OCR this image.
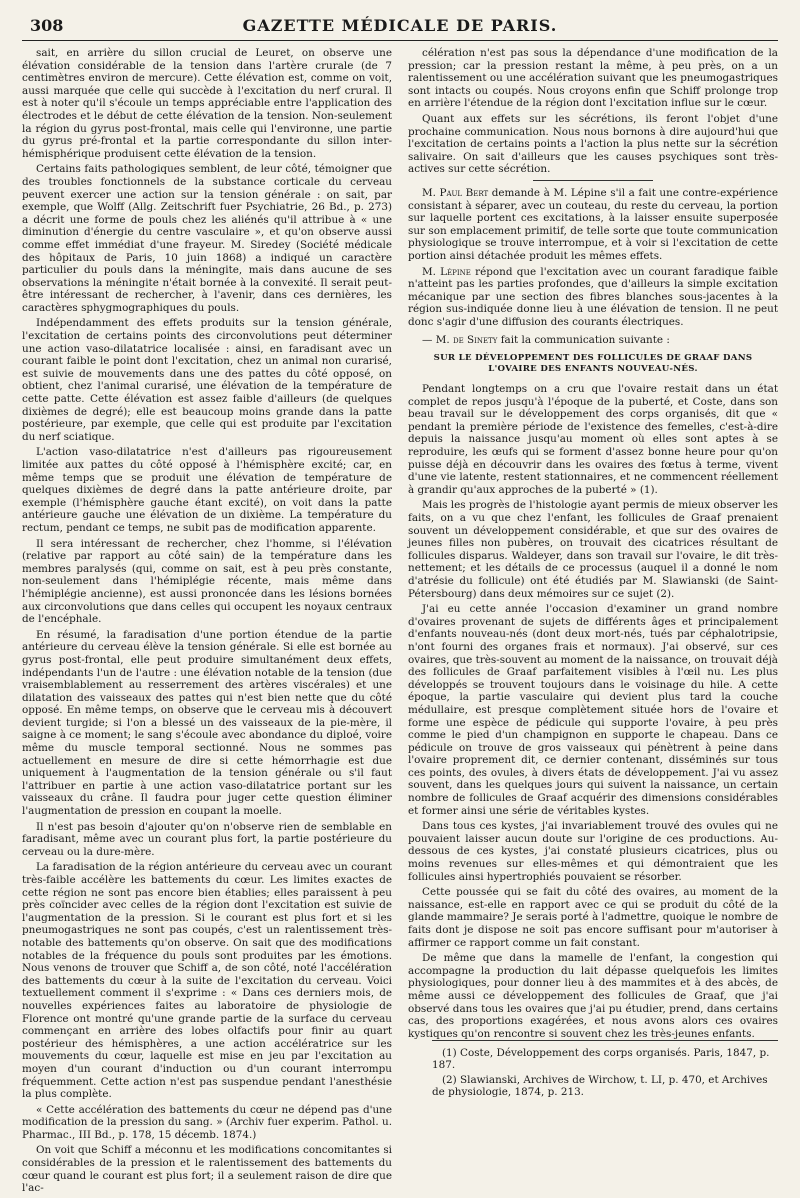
308	GAZETTE MÉDICALE DE PARIS.

sait, en arrière du sillon crucial de Leuret, on observe une élévation considérable de la tension dans l'artère crurale (de 7 centimètres environ de mercure). Cette élévation est, comme on voit, aussi marquée que celle qui succède à l'excitation du nerf crural. Il est à noter qu'il s'écoule un temps appréciable entre l'application des électrodes et le début de cette élévation de la tension. Non-seulement la région du gyrus post-frontal, mais celle qui l'environne, une partie du gyrus pré-frontal et la partie correspondante du sillon inter-hémisphérique produisent cette élévation de la tension.

Certains faits pathologiques semblent, de leur côté, témoigner que des troubles fonctionnels de la substance corticale du cerveau peuvent exercer une action sur la tension générale : on sait, par exemple, que Wolff (Allg. Zeitschrift fuer Psychiatrie, 26 Bd., p. 273) a décrit une forme de pouls chez les aliénés qu'il attribue à « une diminution d'énergie du centre vasculaire », et qu'on observe aussi comme effet immédiat d'une frayeur. M. Siredey (Société médicale des hôpitaux de Paris, 10 juin 1868) a indiqué un caractère particulier du pouls dans la méningite, mais dans aucune de ses observations la méningite n'était bornée à la convexité. Il serait peut-être intéressant de rechercher, à l'avenir, dans ces dernières, les caractères sphygmographiques du pouls.

Indépendamment des effets produits sur la tension générale, l'excitation de certains points des circonvolutions peut déterminer une action vaso-dilatatrice localisée : ainsi, en faradisant avec un courant faible le point dont l'excitation, chez un animal non curarisé, est suivie de mouvements dans une des pattes du côté opposé, on obtient, chez l'animal curarisé, une élévation de la température de cette patte. Cette élévation est assez faible d'ailleurs (de quelques dixièmes de degré); elle est beaucoup moins grande dans la patte postérieure, par exemple, que celle qui est produite par l'excitation du nerf sciatique.

L'action vaso-dilatatrice n'est d'ailleurs pas rigoureusement limitée aux pattes du côté opposé à l'hémisphère excité; car, en même temps que se produit une élévation de température de quelques dixièmes de degré dans la patte antérieure droite, par exemple (l'hémisphère gauche étant excité), on voit dans la patte antérieure gauche une élévation de un dixième. La température du rectum, pendant ce temps, ne subit pas de modification apparente.

Il sera intéressant de rechercher, chez l'homme, si l'élévation (relative par rapport au côté sain) de la température dans les membres paralysés (qui, comme on sait, est à peu près constante, non-seulement dans l'hémiplégie récente, mais même dans l'hémiplégie ancienne), est aussi prononcée dans les lésions bornées aux circonvolutions que dans celles qui occupent les noyaux centraux de l'encéphale.

En résumé, la faradisation d'une portion étendue de la partie antérieure du cerveau élève la tension générale. Si elle est bornée au gyrus post-frontal, elle peut produire simultanément deux effets, indépendants l'un de l'autre : une élévation notable de la tension (due vraisemblablement au resserrement des artères viscérales) et une dilatation des vaisseaux des pattes qui n'est bien nette que du côté opposé. En même temps, on observe que le cerveau mis à découvert devient turgide; si l'on a blessé un des vaisseaux de la pie-mère, il saigne à ce moment; le sang s'écoule avec abondance du diploé, voire même du muscle temporal sectionné. Nous ne sommes pas actuellement en mesure de dire si cette hémorrhagie est due uniquement à l'augmentation de la tension générale ou s'il faut l'attribuer en partie à une action vaso-dilatatrice portant sur les vaisseaux du crâne. Il faudra pour juger cette question éliminer l'augmentation de pression en coupant la moelle.

Il n'est pas besoin d'ajouter qu'on n'observe rien de semblable en faradisant, même avec un courant plus fort, la partie postérieure du cerveau ou la dure-mère.

La faradisation de la région antérieure du cerveau avec un courant très-faible accélère les battements du cœur. Les limites exactes de cette région ne sont pas encore bien établies; elles paraissent à peu près coïncider avec celles de la région dont l'excitation est suivie de l'augmentation de la pression. Si le courant est plus fort et si les pneumogastriques ne sont pas coupés, c'est un ralentissement très-notable des battements qu'on observe. On sait que des modifications notables de la fréquence du pouls sont produites par les émotions. Nous venons de trouver que Schiff a, de son côté, noté l'accélération des battements du cœur à la suite de l'excitation du cerveau. Voici textuellement comment il s'exprime : « Dans ces derniers mois, de nouvelles expériences faites au laboratoire de physiologie de Florence ont montré qu'une grande partie de la surface du cerveau commençant en arrière des lobes olfactifs pour finir au quart postérieur des hémisphères, a une action accélératrice sur les mouvements du cœur, laquelle est mise en jeu par l'excitation au moyen d'un courant d'induction ou d'un courant interrompu fréquemment. Cette action n'est pas suspendue pendant l'anesthésie la plus complète.

« Cette accélération des battements du cœur ne dépend pas d'une modification de la pression du sang. » (Archiv fuer experim. Pathol. u. Pharmac., III Bd., p. 178, 15 décemb. 1874.)

On voit que Schiff a méconnu et les modifications concomitantes si considérables de la pression et le ralentissement des battements du cœur quand le courant est plus fort; il a seulement raison de dire que l'ac-

célération n'est pas sous la dépendance d'une modification de la pression; car la pression restant la même, à peu près, on a un ralentissement ou une accélération suivant que les pneumogastriques sont intacts ou coupés. Nous croyons enfin que Schiff prolonge trop en arrière l'étendue de la région dont l'excitation influe sur le cœur.

Quant aux effets sur les sécrétions, ils feront l'objet d'une prochaine communication. Nous nous bornons à dire aujourd'hui que l'excitation de certains points a l'action la plus nette sur la sécrétion salivaire. On sait d'ailleurs que les causes psychiques sont très-actives sur cette sécrétion.

M. Paul Bert demande à M. Lépine s'il a fait une contre-expérience consistant à séparer, avec un couteau, du reste du cerveau, la portion sur laquelle portent ces excitations, à la laisser ensuite superposée sur son emplacement primitif, de telle sorte que toute communication physiologique se trouve interrompue, et à voir si l'excitation de cette portion ainsi détachée produit les mêmes effets.

M. Lépine répond que l'excitation avec un courant faradique faible n'atteint pas les parties profondes, que d'ailleurs la simple excitation mécanique par une section des fibres blanches sous-jacentes à la région sus-indiquée donne lieu à une élévation de tension. Il ne peut donc s'agir d'une diffusion des courants électriques.

— M. de Sinety fait la communication suivante :

SUR LE DÉVELOPPEMENT DES FOLLICULES DE GRAAF DANS L'OVAIRE DES ENFANTS NOUVEAU-NÉS.

Pendant longtemps on a cru que l'ovaire restait dans un état complet de repos jusqu'à l'époque de la puberté, et Coste, dans son beau travail sur le développement des corps organisés, dit que « pendant la première période de l'existence des femelles, c'est-à-dire depuis la naissance jusqu'au moment où elles sont aptes à se reproduire, les œufs qui se forment d'assez bonne heure pour qu'on puisse déjà en découvrir dans les ovaires des fœtus à terme, vivent d'une vie latente, restent stationnaires, et ne commencent réellement à grandir qu'aux approches de la puberté » (1).

Mais les progrès de l'histologie ayant permis de mieux observer les faits, on a vu que chez l'enfant, les follicules de Graaf prenaient souvent un développement considérable, et que sur des ovaires de jeunes filles non pubères, on trouvait des cicatrices résultant de follicules disparus. Waldeyer, dans son travail sur l'ovaire, le dit très-nettement; et les détails de ce processus (auquel il a donné le nom d'atrésie du follicule) ont été étudiés par M. Slawianski (de Saint-Pétersbourg) dans deux mémoires sur ce sujet (2).

J'ai eu cette année l'occasion d'examiner un grand nombre d'ovaires provenant de sujets de différents âges et principalement d'enfants nouveau-nés (dont deux mort-nés, tués par céphalotripsie, n'ont fourni des organes frais et normaux). J'ai observé, sur ces ovaires, que très-souvent au moment de la naissance, on trouvait déjà des follicules de Graaf parfaitement visibles à l'œil nu. Les plus développés se trouvent toujours dans le voisinage du hile. A cette époque, la partie vasculaire qui devient plus tard la couche médullaire, est presque complètement située hors de l'ovaire et forme une espèce de pédicule qui supporte l'ovaire, à peu près comme le pied d'un champignon en supporte le chapeau. Dans ce pédicule on trouve de gros vaisseaux qui pénètrent à peine dans l'ovaire proprement dit, ce dernier contenant, disséminés sur tous ces points, des ovules, à divers états de développement. J'ai vu assez souvent, dans les quelques jours qui suivent la naissance, un certain nombre de follicules de Graaf acquérir des dimensions considérables et former ainsi une série de véritables kystes.

Dans tous ces kystes, j'ai invariablement trouvé des ovules qui ne pouvaient laisser aucun doute sur l'origine de ces productions. Au-dessous de ces kystes, j'ai constaté plusieurs cicatrices, plus ou moins revenues sur elles-mêmes et qui démontraient que les follicules ainsi hypertrophiés pouvaient se résorber.

Cette poussée qui se fait du côté des ovaires, au moment de la naissance, est-elle en rapport avec ce qui se produit du côté de la glande mammaire? Je serais porté à l'admettre, quoique le nombre de faits dont je dispose ne soit pas encore suffisant pour m'autoriser à affirmer ce rapport comme un fait constant.

De même que dans la mamelle de l'enfant, la congestion qui accompagne la production du lait dépasse quelquefois les limites physiologiques, pour donner lieu à des mammites et à des abcès, de même aussi ce développement des follicules de Graaf, que j'ai observé dans tous les ovaires que j'ai pu étudier, prend, dans certains cas, des proportions exagérées, et nous avons alors ces ovaires kystiques qu'on rencontre si souvent chez les très-jeunes enfants.

(1) Coste, Développement des corps organisés. Paris, 1847, p. 187.

(2) Slawianski, Archives de Wirchow, t. LI, p. 470, et Archives de physiologie, 1874, p. 213.
